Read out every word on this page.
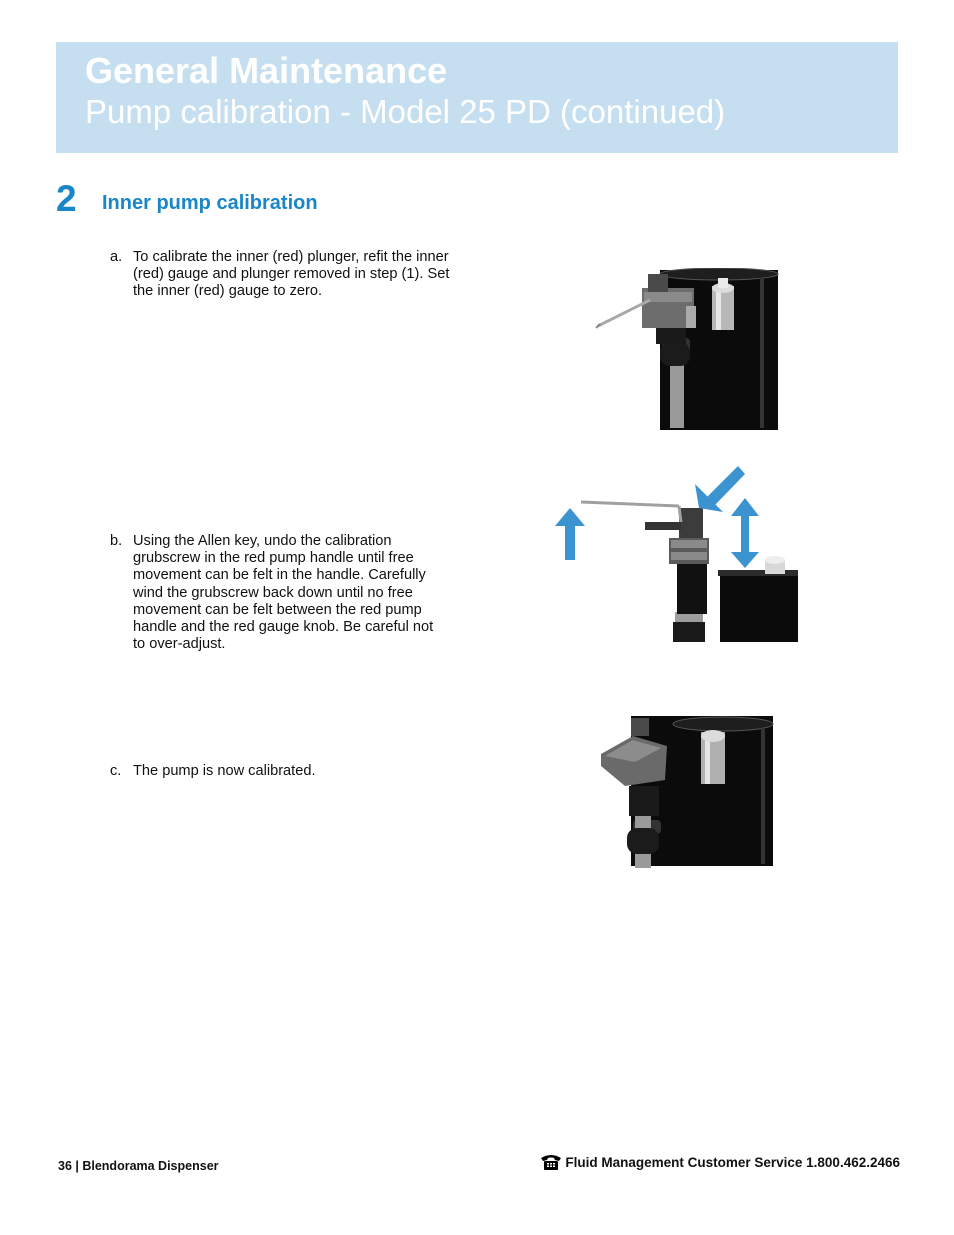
General Maintenance
Pump calibration - Model 25 PD (continued)
2 Inner pump calibration
a. To calibrate the inner (red) plunger, refit the inner
(red) gauge and plunger removed in step (1). Set
the inner (red) gauge to zero.
b. Using the Allen key, undo the calibration
grubscrew in the red pump handle until free
movement can be felt in the handle. Carefully
wind the grubscrew back down until no free
movement can be felt between the red pump
handle and the red gauge knob. Be careful not
to over-adjust.
c. The pump is now calibrated.
36 | Blendorama Dispenser	Fluid Management Customer Service 1.800.462.2466
